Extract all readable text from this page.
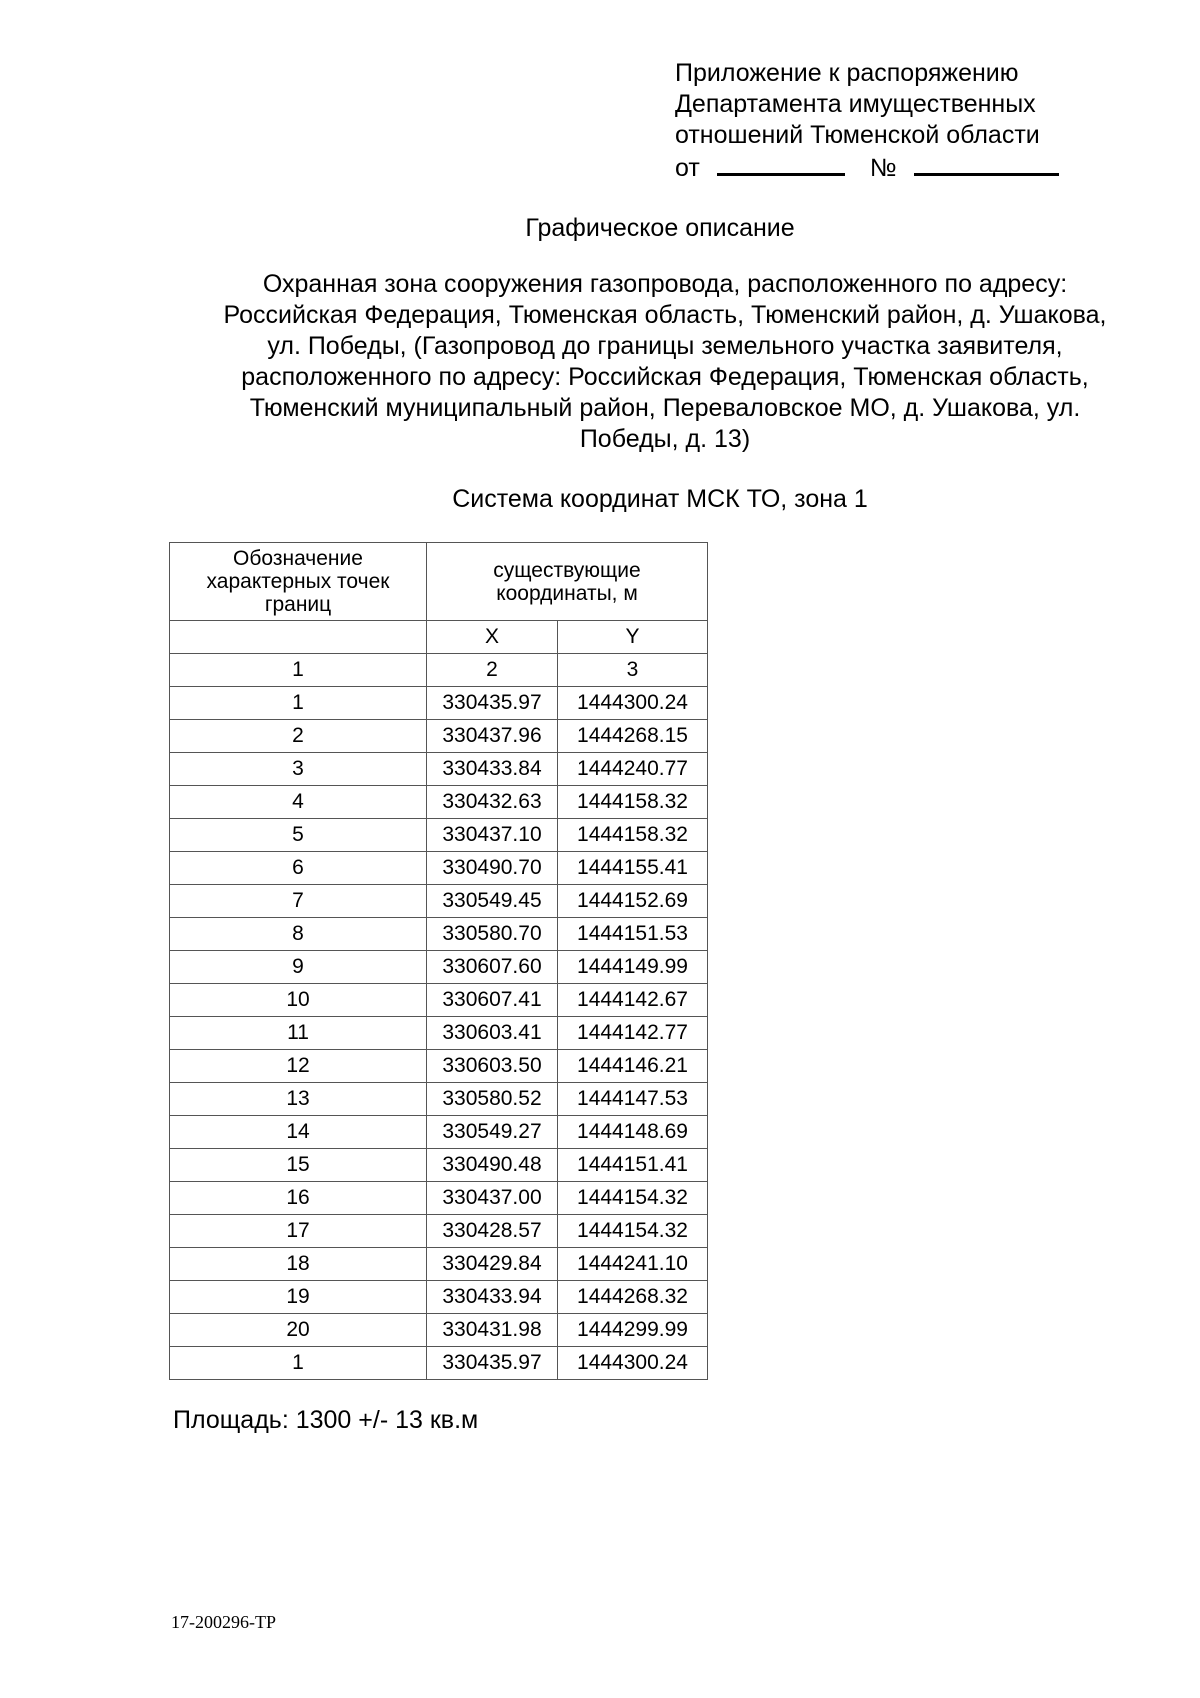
Приложение к распоряжению
Департамента имущественных
отношений Тюменской области
от	№
Графическое описание
Охранная зона сооружения газопровода, расположенного по адресу:
Российская Федерация, Тюменская область, Тюменский район, д. Ушакова,
ул. Победы, (Газопровод до границы земельного участка заявителя,
расположенного по адресу: Российская Федерация, Тюменская область,
Тюменский муниципальный район, Переваловское МО, д. Ушакова, ул.
Победы, д. 13)
Система координат МСК ТО, зона 1
Обозначение характерных точек границ	существующие координаты, м	

	X	Y
1	2	3
1	330435.97	1444300.24
2	330437.96	1444268.15
3	330433.84	1444240.77
4	330432.63	1444158.32
5	330437.10	1444158.32
6	330490.70	1444155.41
7	330549.45	1444152.69
8	330580.70	1444151.53
9	330607.60	1444149.99
10	330607.41	1444142.67
11	330603.41	1444142.77
12	330603.50	1444146.21
13	330580.52	1444147.53
14	330549.27	1444148.69
15	330490.48	1444151.41
16	330437.00	1444154.32
17	330428.57	1444154.32
18	330429.84	1444241.10
19	330433.94	1444268.32
20	330431.98	1444299.99
1	330435.97	1444300.24
Площадь: 1300 +/- 13 кв.м
17-200296-ТР
